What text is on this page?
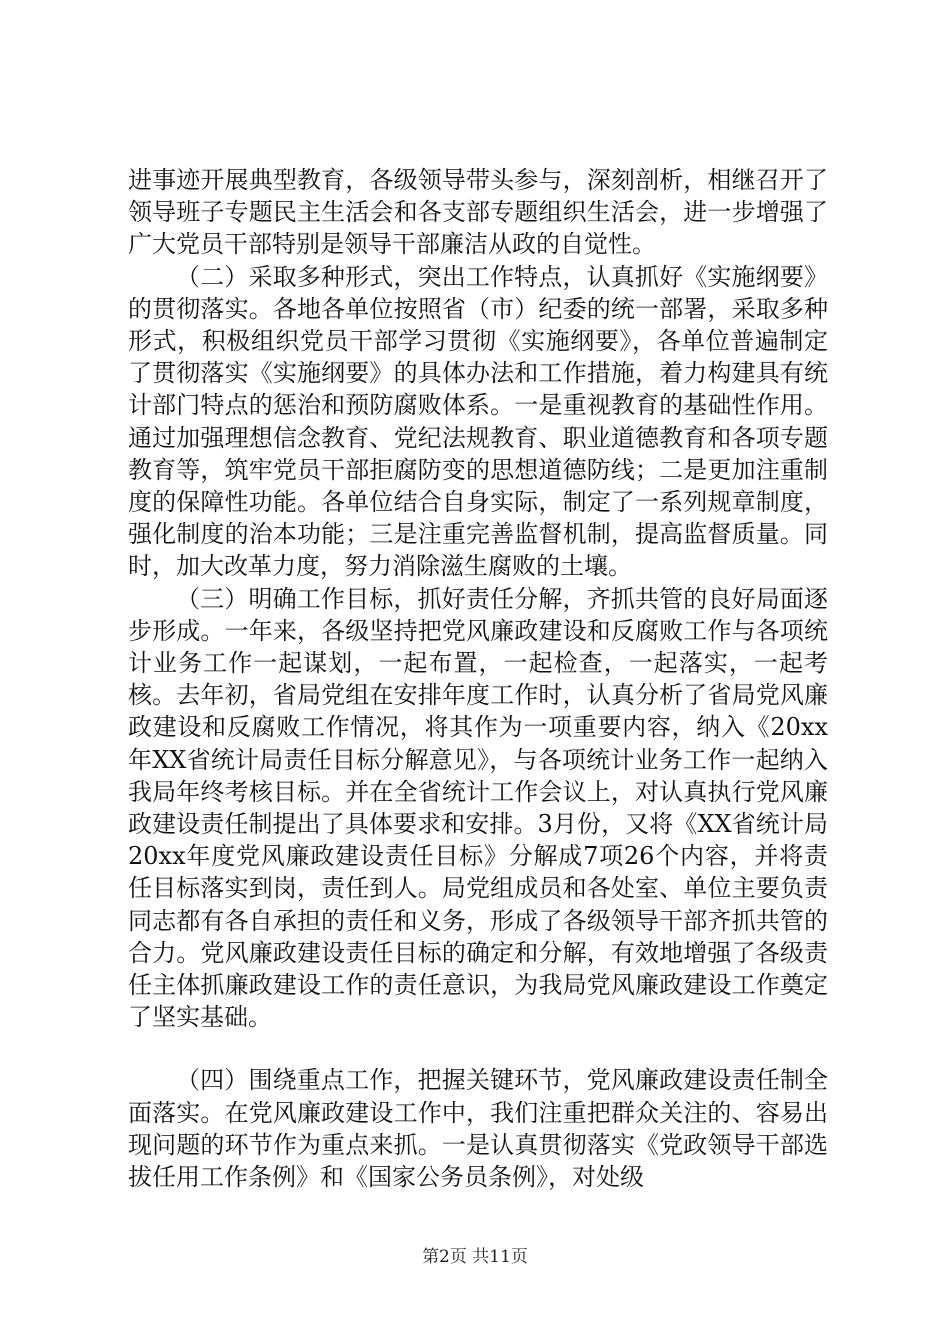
进事迹开展典型教育，各级领导带头参与，深刻剖析，相继召开了领导班子专题民主生活会和各支部专题组织生活会，进一步增强了广大党员干部特别是领导干部廉洁从政的自觉性。

（二）采取多种形式，突出工作特点，认真抓好《实施纲要》的贯彻落实。各地各单位按照省（市）纪委的统一部署，采取多种形式，积极组织党员干部学习贯彻《实施纲要》，各单位普遍制定了贯彻落实《实施纲要》的具体办法和工作措施，着力构建具有统计部门特点的惩治和预防腐败体系。一是重视教育的基础性作用。通过加强理想信念教育、党纪法规教育、职业道德教育和各项专题教育等，筑牢党员干部拒腐防变的思想道德防线；二是更加注重制度的保障性功能。各单位结合自身实际，制定了一系列规章制度，强化制度的治本功能；三是注重完善监督机制，提高监督质量。同时，加大改革力度，努力消除滋生腐败的土壤。

（三）明确工作目标，抓好责任分解，齐抓共管的良好局面逐步形成。一年来，各级坚持把党风廉政建设和反腐败工作与各项统计业务工作一起谋划，一起布置，一起检查，一起落实，一起考核。去年初，省局党组在安排年度工作时，认真分析了省局党风廉政建设和反腐败工作情况，将其作为一项重要内容，纳入《20xx年XX省统计局责任目标分解意见》，与各项统计业务工作一起纳入我局年终考核目标。并在全省统计工作会议上，对认真执行党风廉政建设责任制提出了具体要求和安排。3月份，又将《XX省统计局20xx年度党风廉政建设责任目标》分解成7项26个内容，并将责任目标落实到岗，责任到人。局党组成员和各处室、单位主要负责同志都有各自承担的责任和义务，形成了各级领导干部齐抓共管的合力。党风廉政建设责任目标的确定和分解，有效地增强了各级责任主体抓廉政建设工作的责任意识，为我局党风廉政建设工作奠定了坚实基础。

（四）围绕重点工作，把握关键环节，党风廉政建设责任制全面落实。在党风廉政建设工作中，我们注重把群众关注的、容易出现问题的环节作为重点来抓。一是认真贯彻落实《党政领导干部选拔任用工作条例》和《国家公务员条例》，对处级

第2页 共11页
